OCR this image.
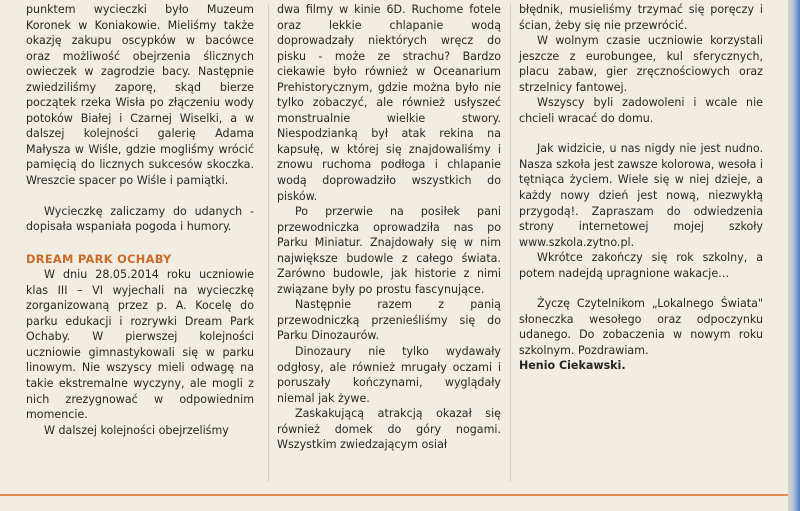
punktem wycieczki było Muzeum Koronek w Koniakowie. Mieliśmy także okazję zakupu oscypków w bacówce oraz możliwość obejrzenia ślicznych owieczek w zagrodzie bacy. Następnie zwiedziliśmy zaporę, skąd bierze początek rzeka Wisła po złączeniu wody potoków Białej i Czarnej Wiselki, a w dalszej kolejności galerię Adama Małysza w Wiśle, gdzie mogliśmy wrócić pamięcią do licznych sukcesów skoczka. Wreszcie spacer po Wiśle i pamiątki.

Wycieczkę zaliczamy do udanych - dopisała wspaniała pogoda i humory.

DREAM PARK OCHABY

W dniu 28.05.2014 roku uczniowie klas III – VI wyjechali na wycieczkę zorganizowaną przez p. A. Kocelę do parku edukacji i rozrywki Dream Park Ochaby. W pierwszej kolejności uczniowie gimnastykowali się w parku linowym. Nie wszyscy mieli odwagę na takie ekstremalne wyczyny, ale mogli z nich zrezygnować w odpowiednim momencie.

W dalszej kolejności obejrzeliśmy

dwa filmy w kinie 6D. Ruchome fotele oraz lekkie chlapanie wodą doprowadzały niektórych wręcz do pisku - może ze strachu? Bardzo ciekawie było również w Oceanarium Prehistorycznym, gdzie można było nie tylko zobaczyć, ale również usłyszeć monstrualnie wielkie stwory. Niespodzianką był atak rekina na kapsułę, w której się znajdowaliśmy i znowu ruchoma podłoga i chlapanie wodą doprowadziło wszystkich do pisków.

Po przerwie na posiłek pani przewodniczka oprowadziła nas po Parku Miniatur. Znajdowały się w nim największe budowle z całego świata. Zarówno budowle, jak historie z nimi związane były po prostu fascynujące.

Następnie razem z panią przewodniczką przenieśliśmy się do Parku Dinozaurów.

Dinozaury nie tylko wydawały odgłosy, ale również mrugały oczami i poruszały kończynami, wyglądały niemal jak żywe.

Zaskakującą atrakcją okazał się również domek do góry nogami. Wszystkim zwiedzającym osiał

błędnik, musieliśmy trzymać się poręczy i ścian, żeby się nie przewrócić.

W wolnym czasie uczniowie korzystali jeszcze z eurobungee, kul sferycznych, placu zabaw, gier zręcznościowych oraz strzelnicy fantowej.

Wszyscy byli zadowoleni i wcale nie chcieli wracać do domu.

Jak widzicie, u nas nigdy nie jest nudno. Nasza szkoła jest zawsze kolorowa, wesoła i tętniąca życiem. Wiele się w niej dzieje, a każdy nowy dzień jest nową, niezwykłą przygodą!. Zapraszam do odwiedzenia strony internetowej mojej szkoły www.szkola.zytno.pl.

Wkrótce zakończy się rok szkolny, a potem nadejdą upragnione wakacje…

Życzę Czytelnikom „Lokalnego Świata" słoneczka wesołego oraz odpoczynku udanego. Do zobaczenia w nowym roku szkolnym. Pozdrawiam.

Henio Ciekawski.
